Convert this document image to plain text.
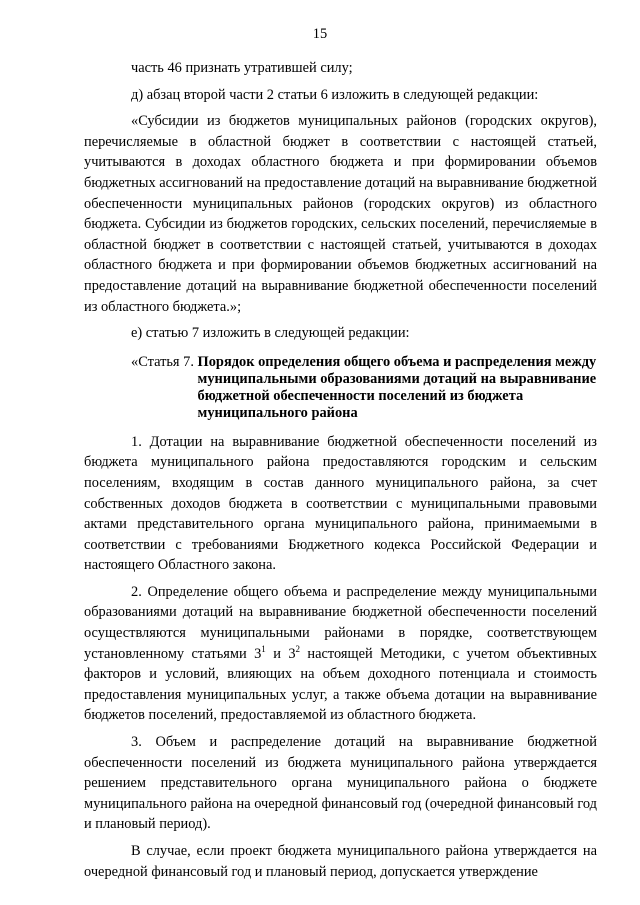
15

часть 46 признать утратившей силу;

д) абзац второй части 2 статьи 6 изложить в следующей редакции:

«Субсидии из бюджетов муниципальных районов (городских округов), перечисляемые в областной бюджет в соответствии с настоящей статьей, учитываются в доходах областного бюджета и при формировании объемов бюджетных ассигнований на предоставление дотаций на выравнивание бюджетной обеспеченности муниципальных районов (городских округов) из областного бюджета. Субсидии из бюджетов городских, сельских поселений, перечисляемые в областной бюджет в соответствии с настоящей статьей, учитываются в доходах областного бюджета и при формировании объемов бюджетных ассигнований на предоставление дотаций на выравнивание бюджетной обеспеченности поселений из областного бюджета.»;

е) статью 7 изложить в следующей редакции:

«Статья 7. Порядок определения общего объема и распределения между муниципальными образованиями дотаций на выравнивание бюджетной обеспеченности поселений из бюджета муниципального района

1. Дотации на выравнивание бюджетной обеспеченности поселений из бюджета муниципального района предоставляются городским и сельским поселениям, входящим в состав данного муниципального района, за счет собственных доходов бюджета в соответствии с муниципальными правовыми актами представительного органа муниципального района, принимаемыми в соответствии с требованиями Бюджетного кодекса Российской Федерации и настоящего Областного закона.

2. Определение общего объема и распределение между муниципальными образованиями дотаций на выравнивание бюджетной обеспеченности поселений осуществляются муниципальными районами в порядке, соответствующем установленному статьями $3^1$ и $3^2$ настоящей Методики, с учетом объективных факторов и условий, влияющих на объем доходного потенциала и стоимость предоставления муниципальных услуг, а также объема дотации на выравнивание бюджетов поселений, предоставляемой из областного бюджета.

3. Объем и распределение дотаций на выравнивание бюджетной обеспеченности поселений из бюджета муниципального района утверждается решением представительного органа муниципального района о бюджете муниципального района на очередной финансовый год (очередной финансовый год и плановый период).

В случае, если проект бюджета муниципального района утверждается на очередной финансовый год и плановый период, допускается утверждение
